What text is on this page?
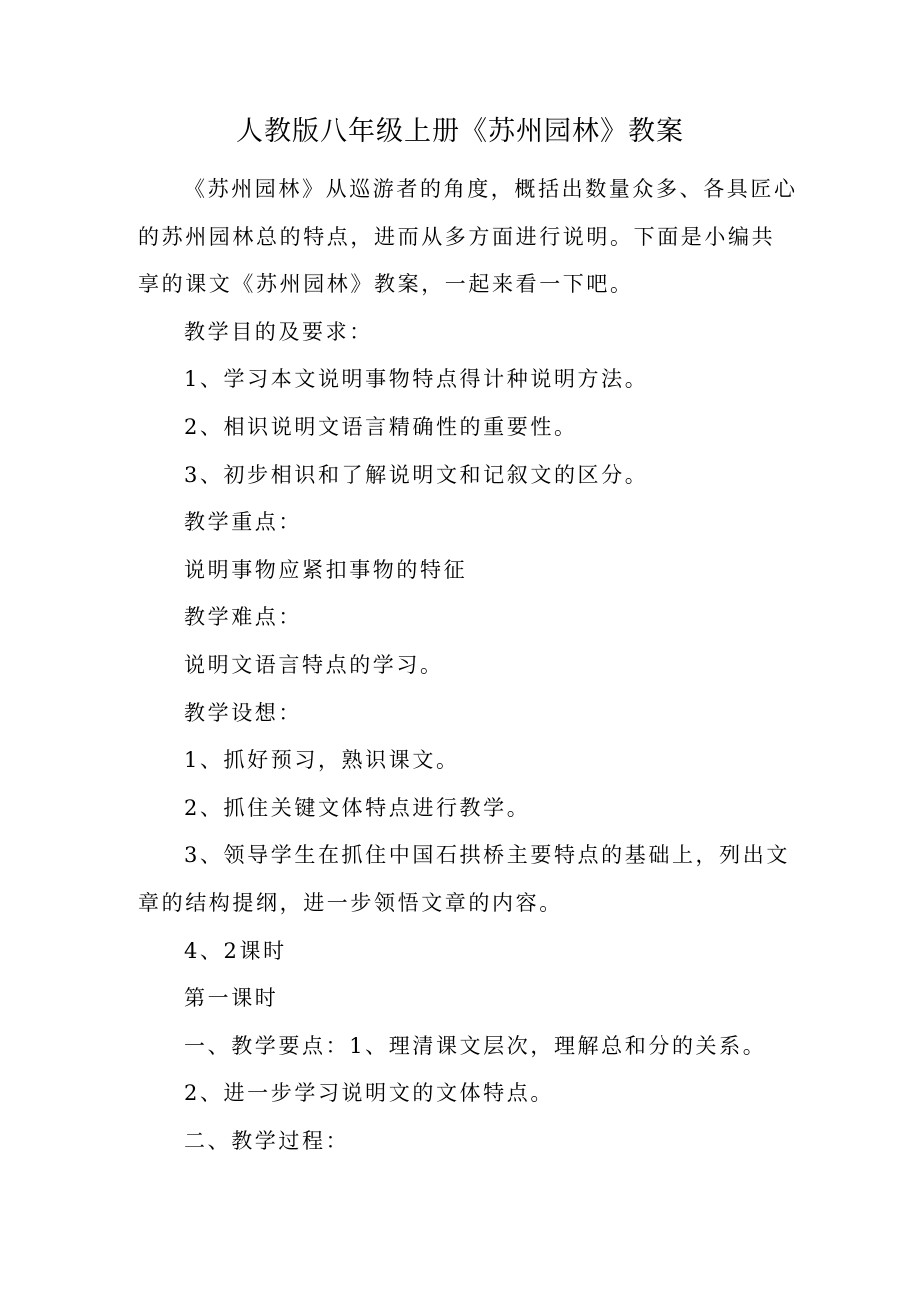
人教版八年级上册《苏州园林》教案

《苏州园林》从巡游者的角度，概括出数量众多、各具匠心的苏州园林总的特点，进而从多方面进行说明。下面是小编共享的课文《苏州园林》教案，一起来看一下吧。

教学目的及要求：

1、学习本文说明事物特点得计种说明方法。

2、相识说明文语言精确性的重要性。

3、初步相识和了解说明文和记叙文的区分。

教学重点：

说明事物应紧扣事物的特征

教学难点：

说明文语言特点的学习。

教学设想：

1、抓好预习，熟识课文。

2、抓住关键文体特点进行教学。

3、领导学生在抓住中国石拱桥主要特点的基础上，列出文章的结构提纲，进一步领悟文章的内容。

4、2课时

第一课时

一、教学要点：1、理清课文层次，理解总和分的关系。

2、进一步学习说明文的文体特点。

二、教学过程：
